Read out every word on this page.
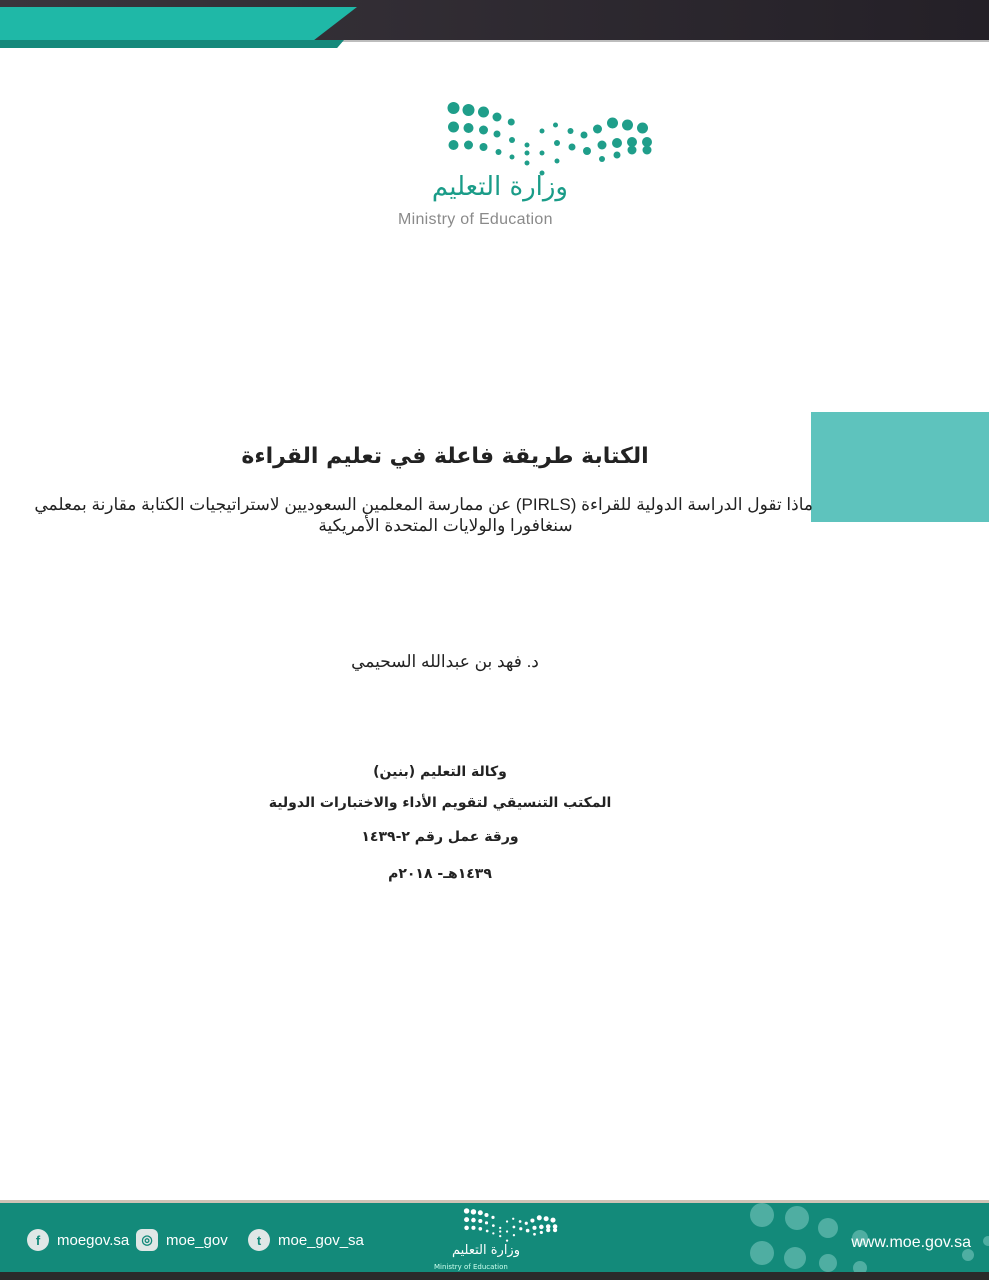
وزارة التعليم
Ministry of Education
الكتابة طريقة فاعلة في تعليم القراءة
ماذا تقول الدراسة الدولية للقراءة (PIRLS) عن ممارسة المعلمين السعوديين لاستراتيجيات الكتابة مقارنة بمعلمي
سنغافورا والولايات المتحدة الأمريكية
د. فهد بن عبدالله السحيمي
وكالة التعليم (بنين)
المكتب التنسيقي لتقويم الأداء والاختبارات الدولية
ورقة عمل رقم ٢-١٤٣٩
١٤٣٩هـ- ٢٠١٨م
f	moegov.sa ◎ moe_gov	t	moe_gov_sa
وزارة التعليم
Ministry of Education
www.moe.gov.sa
